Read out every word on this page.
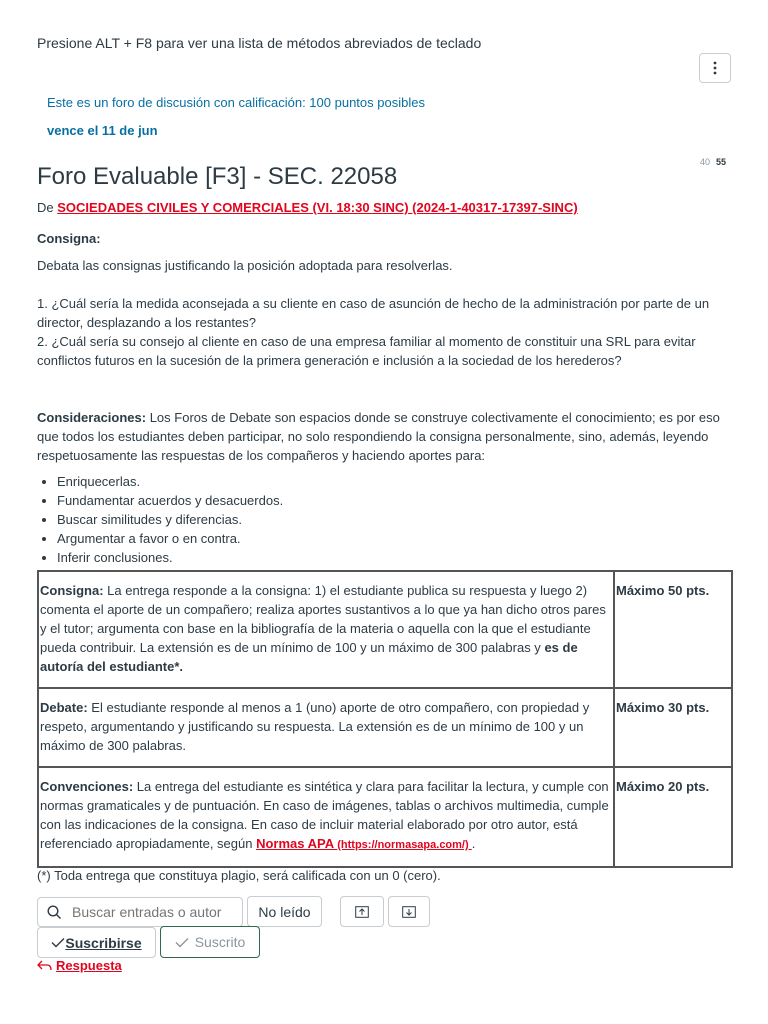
Presione ALT + F8 para ver una lista de métodos abreviados de teclado
Este es un foro de discusión con calificación: 100 puntos posibles
vence el 11 de jun
Foro Evaluable [F3] - SEC. 22058
40 55
De SOCIEDADES CIVILES Y COMERCIALES (VI. 18:30 SINC) (2024-1-40317-17397-SINC)

Consigna:

Debata las consignas justificando la posición adoptada para resolverlas.

1. ¿Cuál sería la medida aconsejada a su cliente en caso de asunción de hecho de la administración por parte de un director, desplazando a los restantes?

2. ¿Cuál sería su consejo al cliente en caso de una empresa familiar al momento de constituir una SRL para evitar conflictos futuros en la sucesión de la primera generación e inclusión a la sociedad de los herederos?

Consideraciones: Los Foros de Debate son espacios donde se construye colectivamente el conocimiento; es por eso que todos los estudiantes deben participar, no solo respondiendo la consigna personalmente, sino, además, leyendo respetuosamente las respuestas de los compañeros y haciendo aportes para:

• Enriquecerlas.
• Fundamentar acuerdos y desacuerdos.
• Buscar similitudes y diferencias.
• Argumentar a favor o en contra.
• Inferir conclusiones.
Consigna: La entrega responde a la consigna: 1) el estudiante publica su respuesta y luego 2) comenta el aporte de un compañero; realiza aportes sustantivos a lo que ya han dicho otros pares y el tutor; argumenta con base en la bibliografía de la materia o aquella con la que el estudiante pueda contribuir. La extensión es de un mínimo de 100 y un máximo de 300 palabras y es de autoría del estudiante*.	Máximo 50 pts.
Debate: El estudiante responde al menos a 1 (uno) aporte de otro compañero, con propiedad y respeto, argumentando y justificando su respuesta. La extensión es de un mínimo de 100 y un máximo de 300 palabras.	Máximo 30 pts.
Convenciones: La entrega del estudiante es sintética y clara para facilitar la lectura, y cumple con normas gramaticales y de puntuación. En caso de imágenes, tablas o archivos multimedia, cumple con las indicaciones de la consigna. En caso de incluir material elaborado por otro autor, está referenciado apropiadamente, según Normas APA (https://normasapa.com/) .	Máximo 20 pts.
(*) Toda entrega que constituya plagio, será calificada con un 0 (cero).
Buscar entradas o autor
No leído
Suscribirse	Suscrito
Respuesta
